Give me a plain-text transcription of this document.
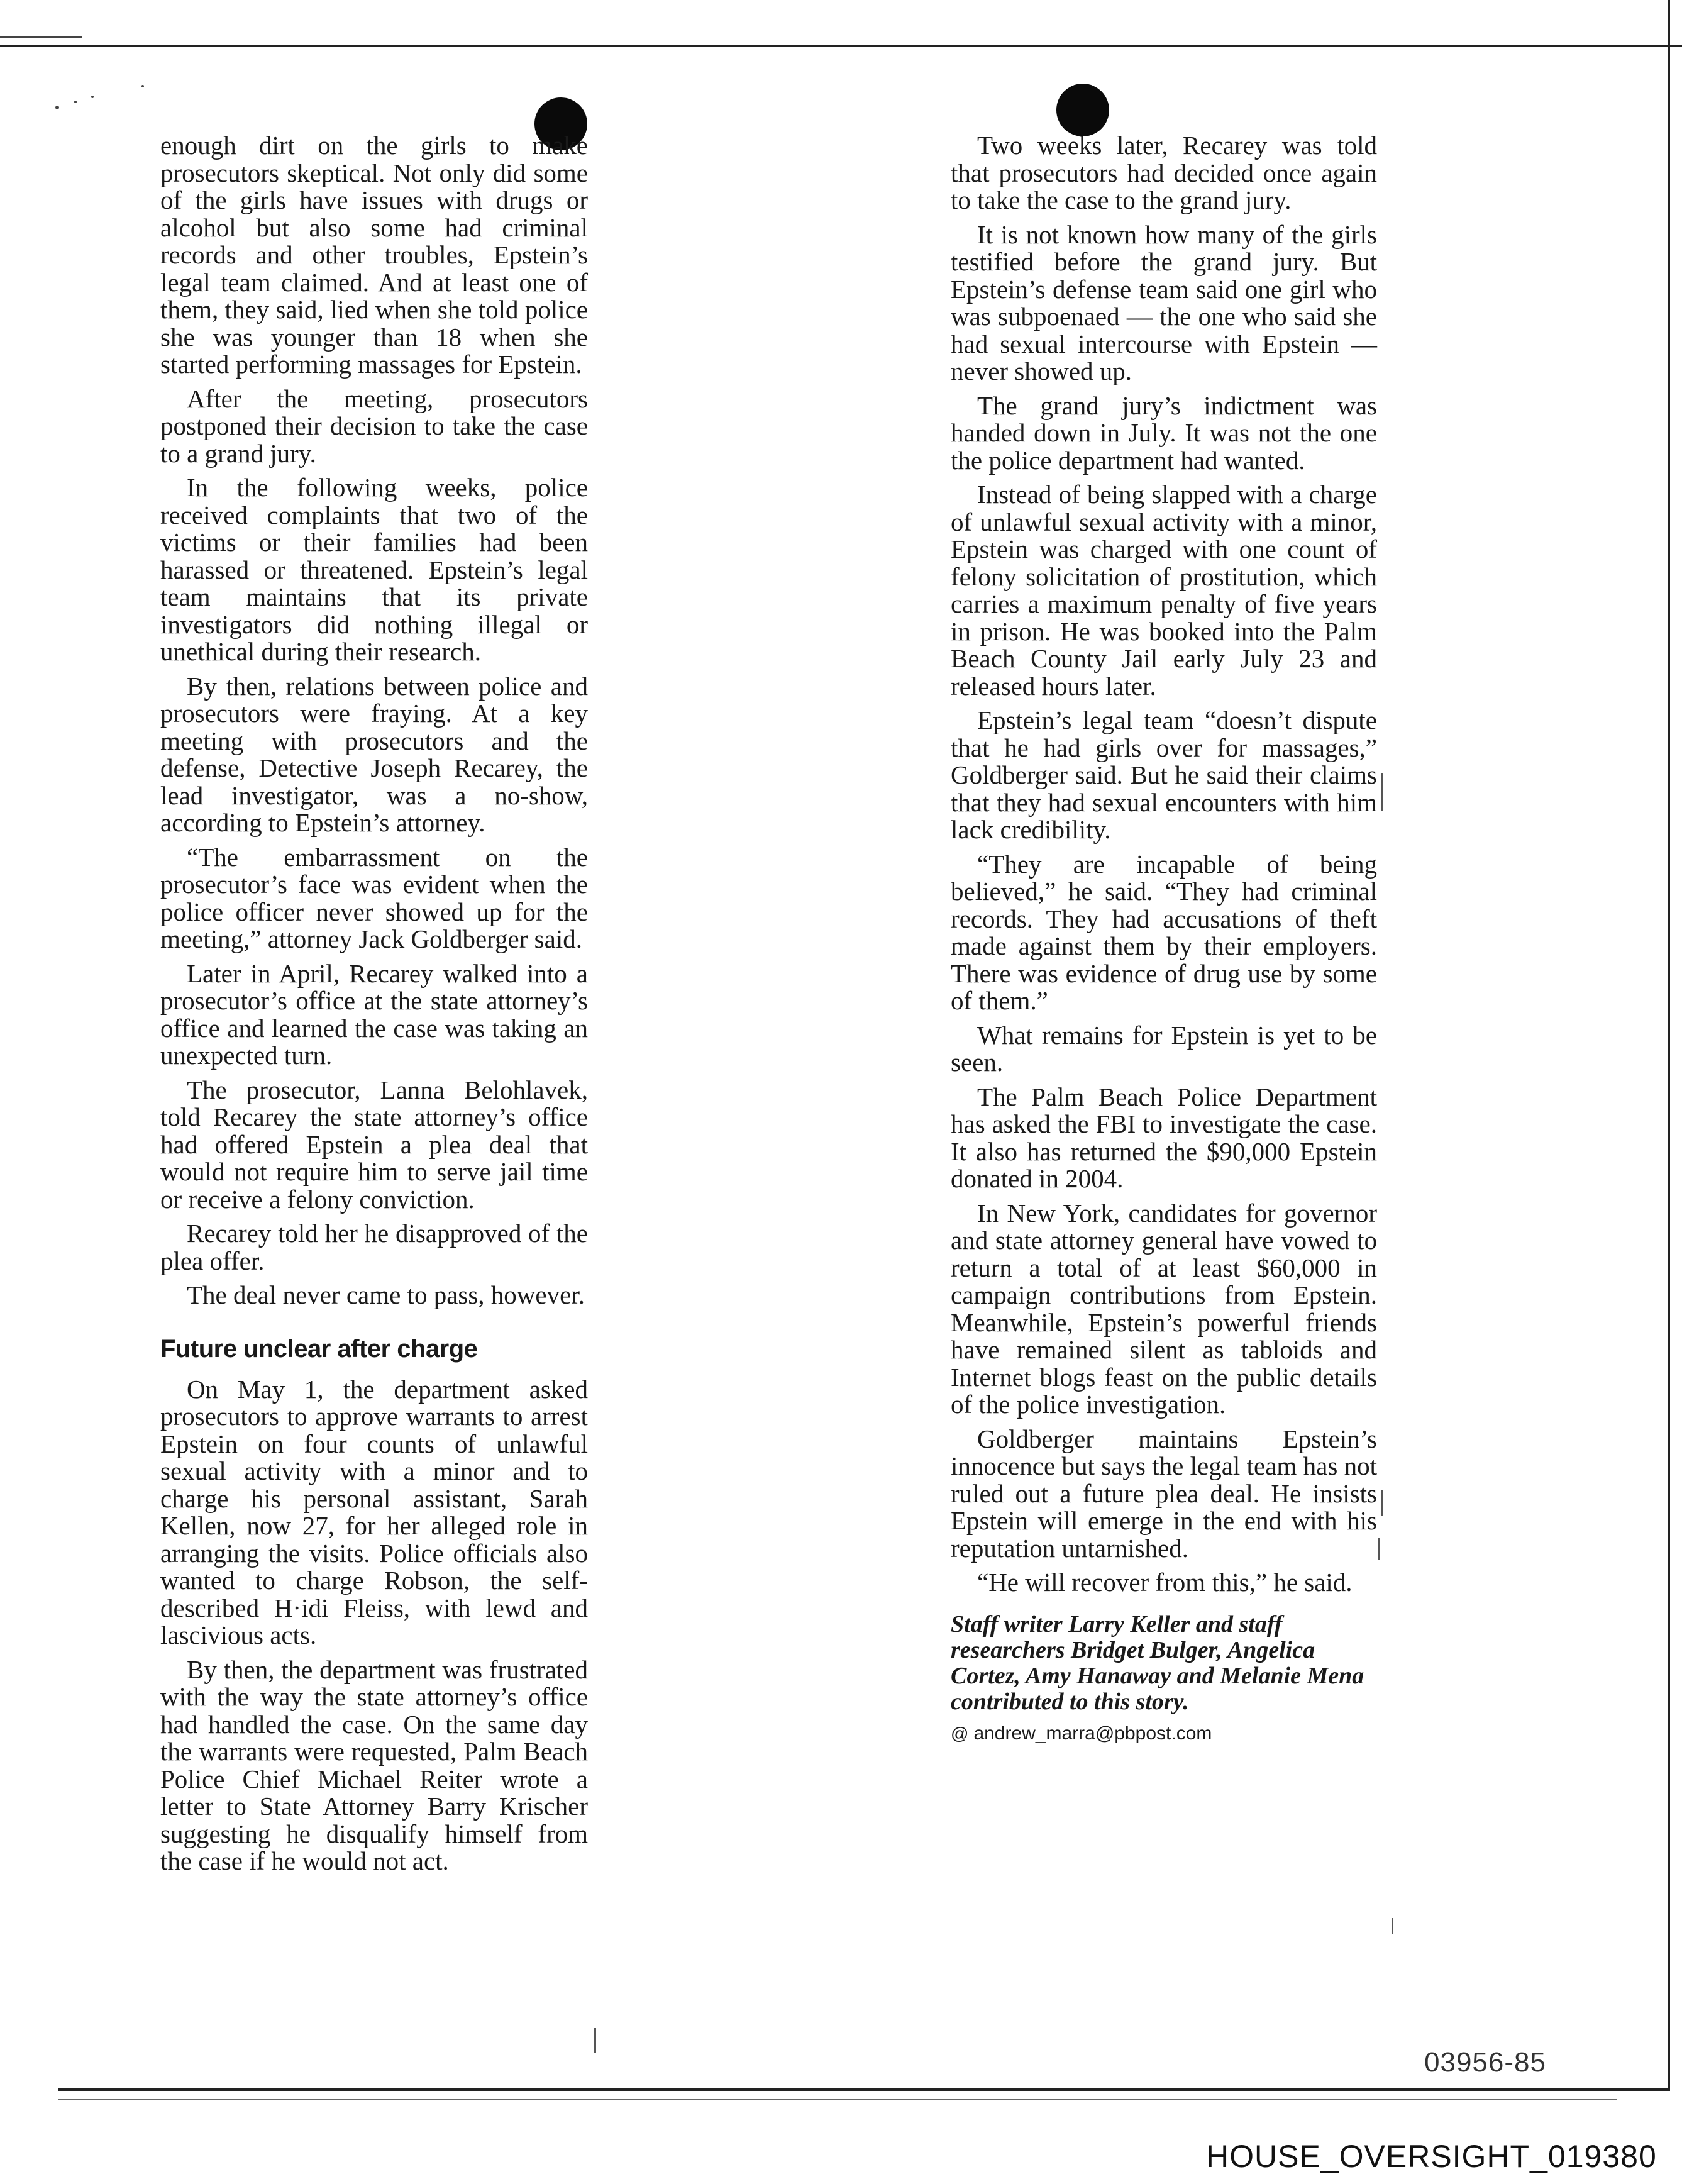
enough dirt on the girls to make prosecutors skeptical. Not only did some of the girls have issues with drugs or alcohol but also some had criminal records and other troubles, Epstein’s legal team claimed. And at least one of them, they said, lied when she told police she was younger than 18 when she started performing massages for Epstein.

After the meeting, prosecutors postponed their decision to take the case to a grand jury.

In the following weeks, police received complaints that two of the victims or their families had been harassed or threatened. Epstein’s legal team maintains that its private investigators did nothing illegal or unethical during their research.

By then, relations between police and prosecutors were fraying. At a key meeting with prosecutors and the defense, Detective Joseph Recarey, the lead investigator, was a no-show, according to Epstein’s attorney.

“The embarrassment on the prosecutor’s face was evident when the police officer never showed up for the meeting,” attorney Jack Goldberger said.

Later in April, Recarey walked into a prosecutor’s office at the state attorney’s office and learned the case was taking an unexpected turn.

The prosecutor, Lanna Belohlavek, told Recarey the state attorney’s office had offered Epstein a plea deal that would not require him to serve jail time or receive a felony conviction.

Recarey told her he disapproved of the plea offer.

The deal never came to pass, however.

Future unclear after charge

On May 1, the department asked prosecutors to approve warrants to arrest Epstein on four counts of unlawful sexual activity with a minor and to charge his personal assistant, Sarah Kellen, now 27, for her alleged role in arranging the visits. Police officials also wanted to charge Robson, the self-described H·idi Fleiss, with lewd and lascivious acts.

By then, the department was frustrated with the way the state attorney’s office had handled the case. On the same day the warrants were requested, Palm Beach Police Chief Michael Reiter wrote a letter to State Attorney Barry Krischer suggesting he disqualify himself from the case if he would not act.

Two weeks later, Recarey was told that prosecutors had decided once again to take the case to the grand jury.

It is not known how many of the girls testified before the grand jury. But Epstein’s defense team said one girl who was subpoenaed — the one who said she had sexual intercourse with Epstein — never showed up.

The grand jury’s indictment was handed down in July. It was not the one the police department had wanted.

Instead of being slapped with a charge of unlawful sexual activity with a minor, Epstein was charged with one count of felony solicitation of prostitution, which carries a maximum penalty of five years in prison. He was booked into the Palm Beach County Jail early July 23 and released hours later.

Epstein’s legal team “doesn’t dispute that he had girls over for massages,” Goldberger said. But he said their claims that they had sexual encounters with him lack credibility.

“They are incapable of being believed,” he said. “They had criminal records. They had accusations of theft made against them by their employers. There was evidence of drug use by some of them.”

What remains for Epstein is yet to be seen.

The Palm Beach Police Department has asked the FBI to investigate the case. It also has returned the $90,000 Epstein donated in 2004.

In New York, candidates for governor and state attorney general have vowed to return a total of at least $60,000 in campaign contributions from Epstein. Meanwhile, Epstein’s powerful friends have remained silent as tabloids and Internet blogs feast on the public details of the police investigation.

Goldberger maintains Epstein’s innocence but says the legal team has not ruled out a future plea deal. He insists Epstein will emerge in the end with his reputation untarnished.

“He will recover from this,” he said.

Staff writer Larry Keller and staff researchers Bridget Bulger, Angelica Cortez, Amy Hanaway and Melanie Mena contributed to this story.
@ andrew_marra@pbpost.com
03956-85
HOUSE_OVERSIGHT_019380
